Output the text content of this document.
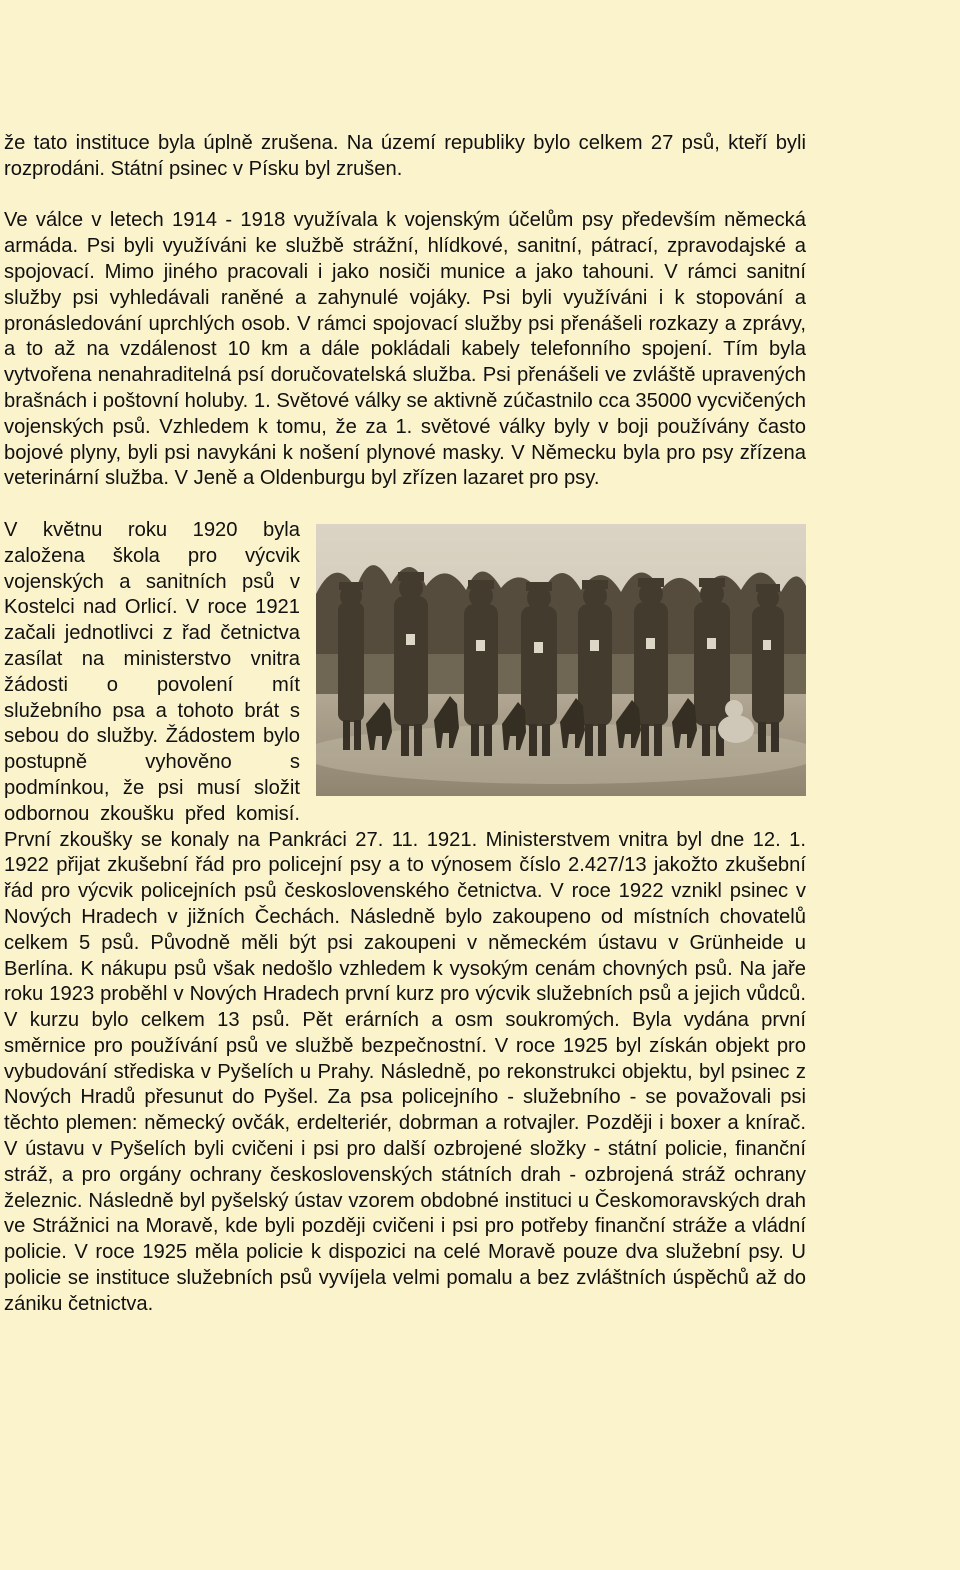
že tato instituce byla úplně zrušena. Na území republiky bylo celkem 27 psů, kteří byli rozprodáni. Státní psinec v Písku byl zrušen.

Ve válce v letech 1914 - 1918 využívala k vojenským účelům psy především německá armáda. Psi byli využíváni ke službě strážní, hlídkové, sanitní, pátrací, zpravodajské a spojovací. Mimo jiného pracovali i jako nosiči munice a jako tahouni. V rámci sanitní služby psi vyhledávali raněné a zahynulé vojáky. Psi byli využíváni i k stopování a pronásledování uprchlých osob. V rámci spojovací služby psi přenášeli rozkazy a zprávy, a to až na vzdálenost 10 km a dále pokládali kabely telefonního spojení. Tím byla vytvořena nenahraditelná psí doručovatelská služba. Psi přenášeli ve zvláště upravených brašnách i poštovní holuby. 1. Světové války se aktivně zúčastnilo cca 35000 vycvičených vojenských psů. Vzhledem k tomu, že za 1. světové války byly v boji používány často bojové plyny, byli psi navykáni k nošení plynové masky. V Německu byla pro psy zřízena veterinární služba. V Jeně a Oldenburgu byl zřízen lazaret pro psy.

V květnu roku 1920 byla založena škola pro výcvik vojenských a sanitních psů v Kostelci nad Orlicí. V roce 1921 začali jednotlivci z řad četnictva zasílat na ministerstvo vnitra žádosti o povolení mít služebního psa a tohoto brát s sebou do služby. Žádostem bylo postupně vyhověno s podmínkou, že psi musí složit odbornou zkoušku před komisí. První zkoušky se konaly na Pankráci 27. 11. 1921. Ministerstvem vnitra byl dne 12. 1. 1922 přijat zkušební řád pro policejní psy a to výnosem číslo 2.427/13 jakožto zkušební řád pro výcvik policejních psů československého četnictva. V roce 1922 vznikl psinec v Nových Hradech v jižních Čechách. Následně bylo zakoupeno od místních chovatelů celkem 5 psů. Původně měli být psi zakoupeni v německém ústavu v Grünheide u Berlína. K nákupu psů však nedošlo vzhledem k vysokým cenám chovných psů. Na jaře roku 1923 proběhl v Nových Hradech první kurz pro výcvik služebních psů a jejich vůdců. V kurzu bylo celkem 13 psů. Pět erárních a osm soukromých. Byla vydána první směrnice pro používání psů ve službě bezpečnostní. V roce 1925 byl získán objekt pro vybudování střediska v Pyšelích u Prahy. Následně, po rekonstrukci objektu, byl psinec z Nových Hradů přesunut do Pyšel. Za psa policejního - služebního - se považovali psi těchto plemen: německý ovčák, erdelteriér, dobrman a rotvajler. Později i boxer a knírač. V ústavu v Pyšelích byli cvičeni i psi pro další ozbrojené složky - státní policie, finanční stráž, a pro orgány ochrany československých státních drah - ozbrojená stráž ochrany železnic. Následně byl pyšelský ústav vzorem obdobné instituci u Českomoravských drah ve Strážnici na Moravě, kde byli později cvičeni i psi pro potřeby finanční stráže a vládní policie. V roce 1925 měla policie k dispozici na celé Moravě pouze dva služební psy. U policie se instituce služebních psů vyvíjela velmi pomalu a bez zvláštních úspěchů až do zániku četnictva.
